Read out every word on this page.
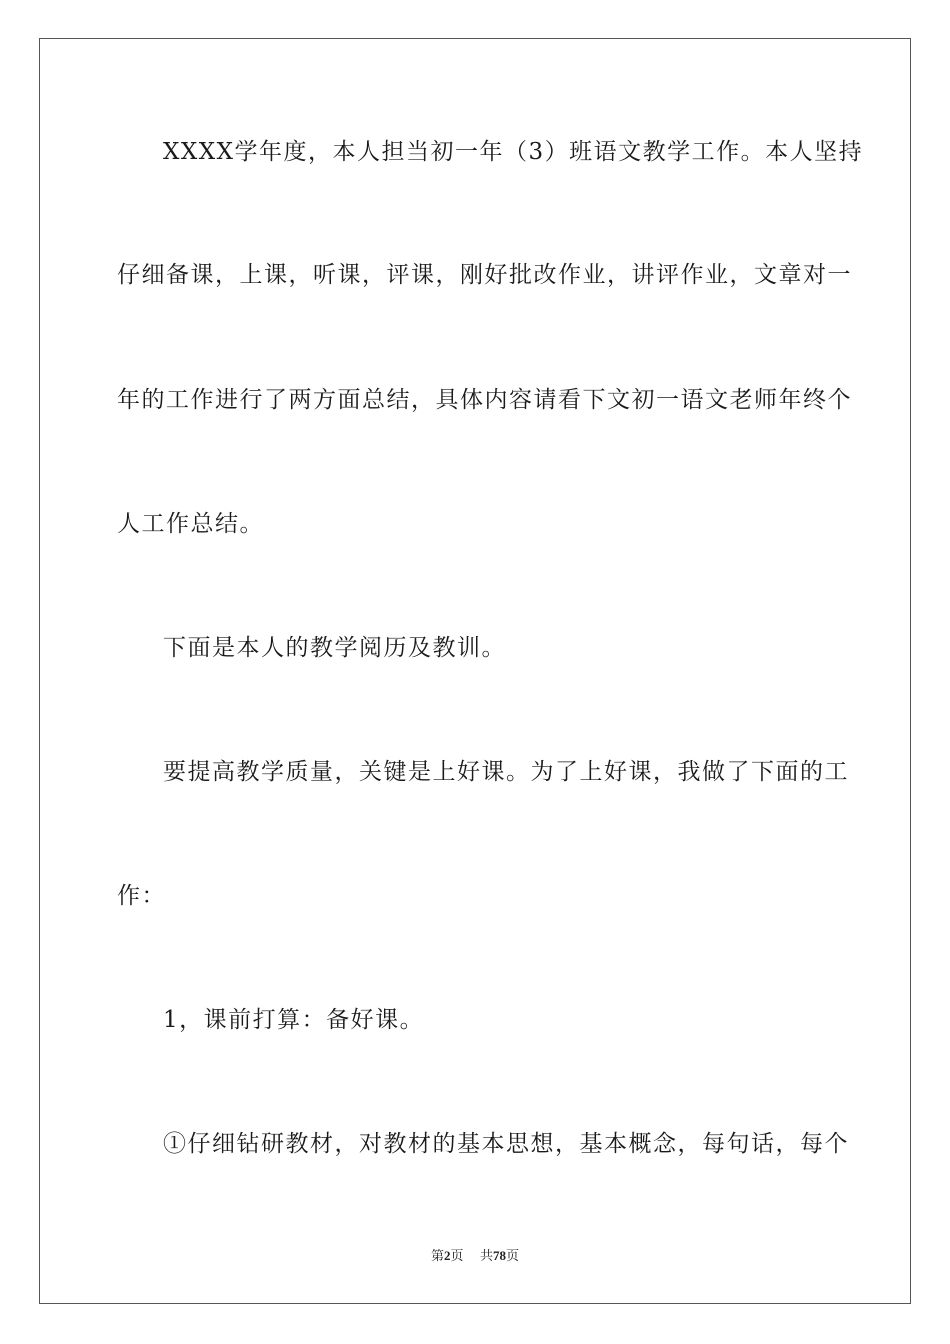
XXXX学年度，本人担当初一年（3）班语文教学工作。本人坚持
仔细备课，上课，听课，评课，刚好批改作业，讲评作业，文章对一
年的工作进行了两方面总结，具体内容请看下文初一语文老师年终个
人工作总结。
下面是本人的教学阅历及教训。
要提高教学质量，关键是上好课。为了上好课，我做了下面的工
作：
1，课前打算：备好课。
①仔细钻研教材，对教材的基本思想，基本概念，每句话，每个
第2页 共78页
